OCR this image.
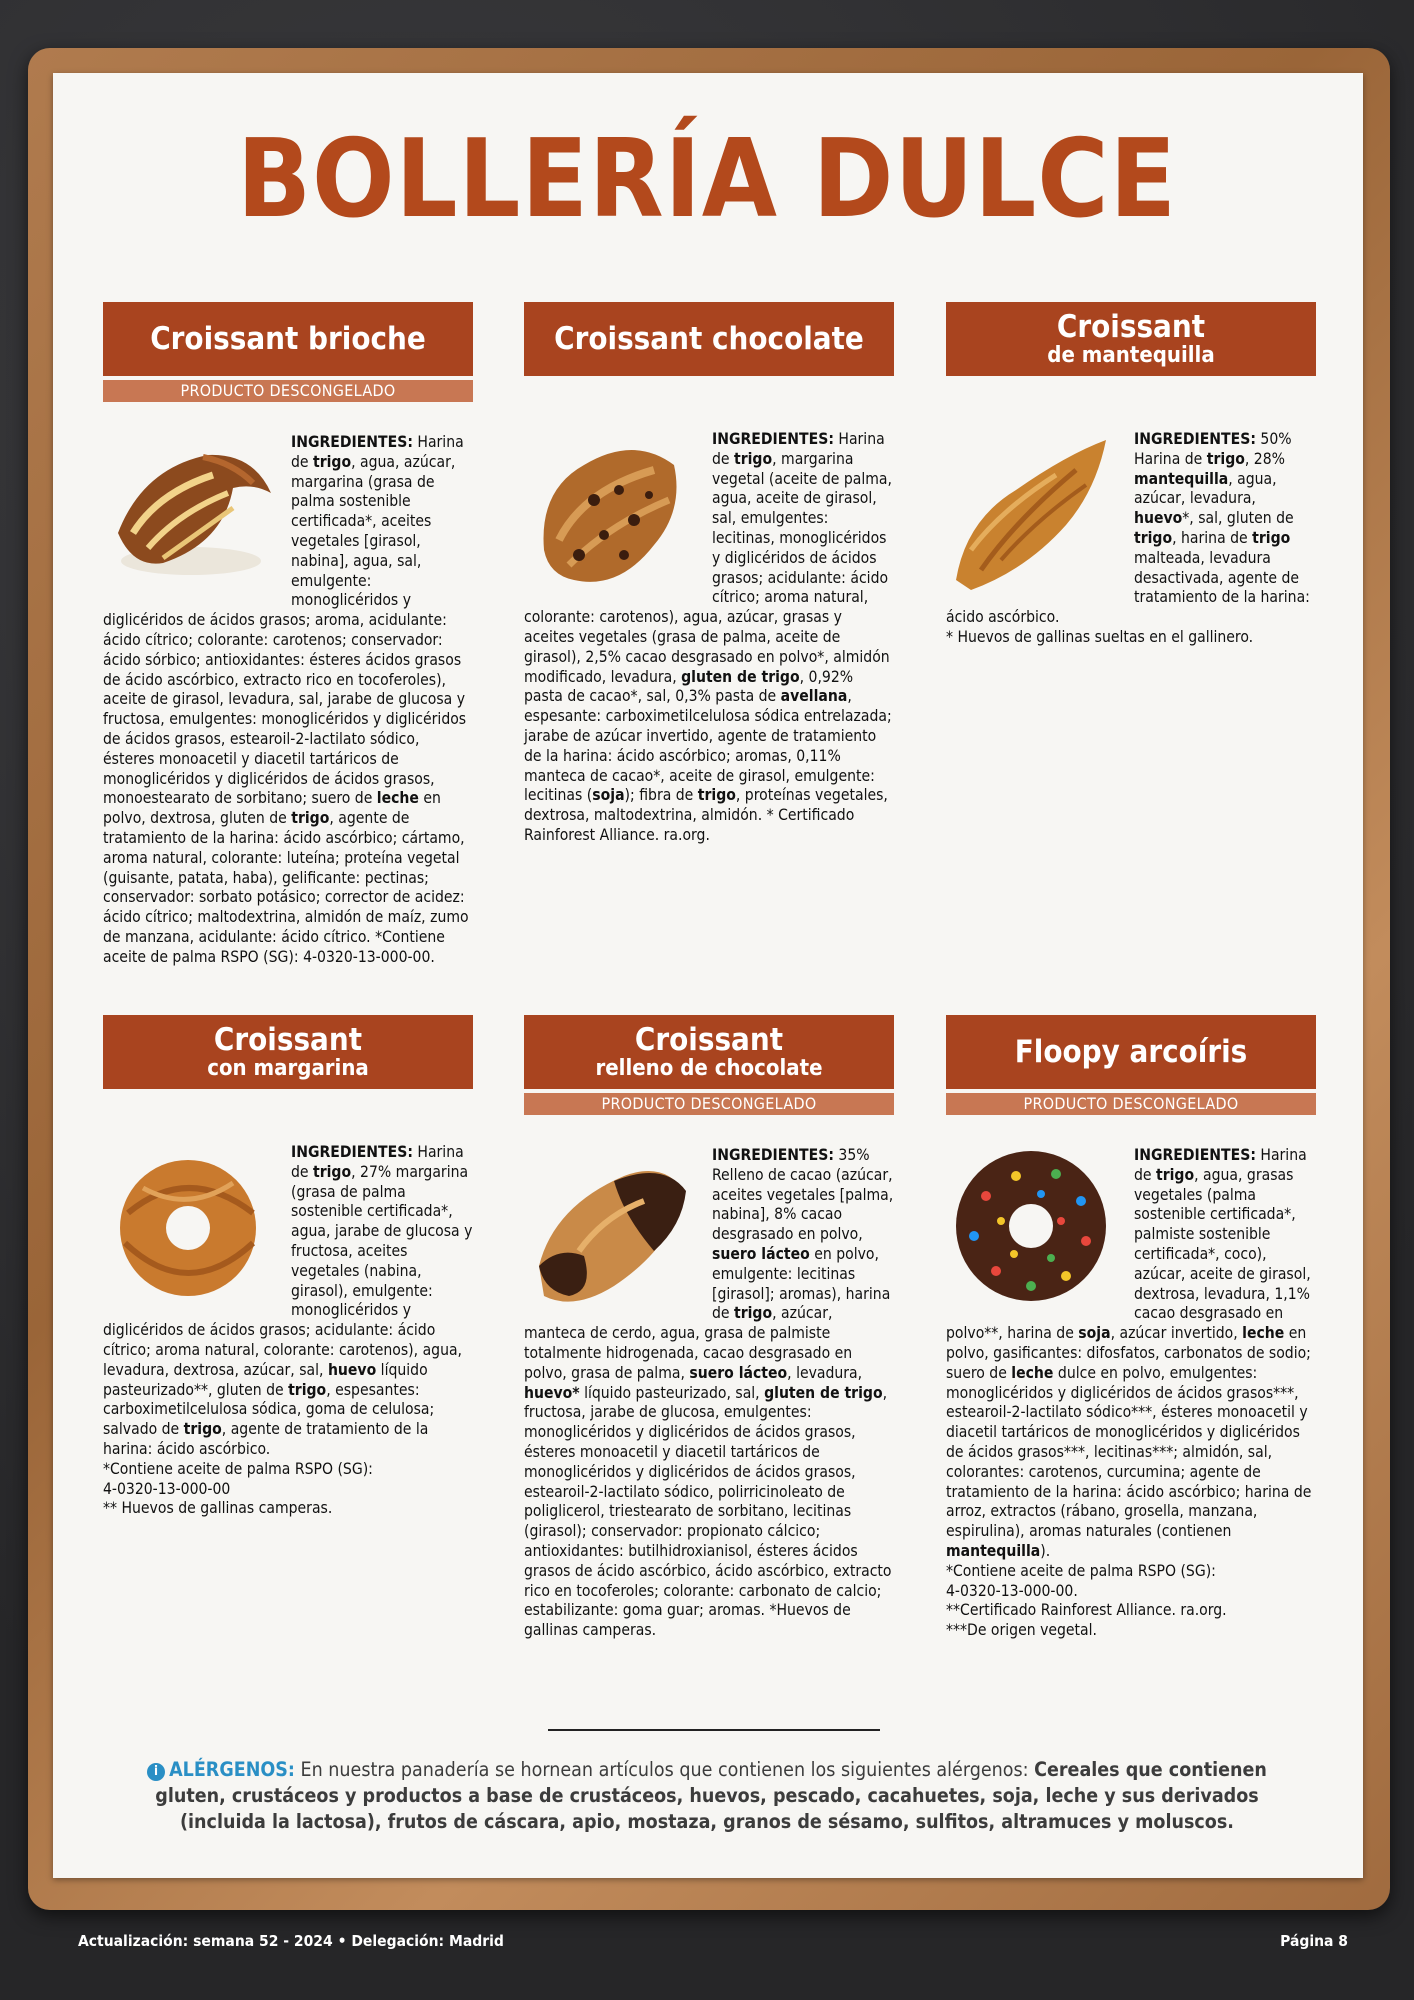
BOLLERÍA DULCE
Croissant brioche
PRODUCTO DESCONGELADO
INGREDIENTES: Harina de trigo, agua, azúcar, margarina (grasa de palma sostenible certificada*, aceites vegetales [girasol, nabina], agua, sal, emulgente: monoglicéridos y diglicéridos de ácidos grasos; aroma, acidulante: ácido cítrico; colorante: carotenos; conservador: ácido sórbico; antioxidantes: ésteres ácidos grasos de ácido ascórbico, extracto rico en tocoferoles), aceite de girasol, levadura, sal, jarabe de glucosa y fructosa, emulgentes: monoglicéridos y diglicéridos de ácidos grasos, estearoil-2-lactilato sódico, ésteres monoacetil y diacetil tartáricos de monoglicéridos y diglicéridos de ácidos grasos, monoestearato de sorbitano; suero de leche en polvo, dextrosa, gluten de trigo, agente de tratamiento de la harina: ácido ascórbico; cártamo, aroma natural, colorante: luteína; proteína vegetal (guisante, patata, haba), gelificante: pectinas; conservador: sorbato potásico; corrector de acidez: ácido cítrico; maltodextrina, almidón de maíz, zumo de manzana, acidulante: ácido cítrico. *Contiene aceite de palma RSPO (SG): 4-0320-13-000-00.
Croissant chocolate
INGREDIENTES: Harina de trigo, margarina vegetal (aceite de palma, agua, aceite de girasol, sal, emulgentes: lecitinas, monoglicéridos y diglicéridos de ácidos grasos; acidulante: ácido cítrico; aroma natural, colorante: carotenos), agua, azúcar, grasas y aceites vegetales (grasa de palma, aceite de girasol), 2,5% cacao desgrasado en polvo*, almidón modificado, levadura, gluten de trigo, 0,92% pasta de cacao*, sal, 0,3% pasta de avellana, espesante: carboximetilcelulosa sódica entrelazada; jarabe de azúcar invertido, agente de tratamiento de la harina: ácido ascórbico; aromas, 0,11% manteca de cacao*, aceite de girasol, emulgente: lecitinas (soja); fibra de trigo, proteínas vegetales, dextrosa, maltodextrina, almidón. * Certificado Rainforest Alliance. ra.org.
Croissant
de mantequilla
INGREDIENTES: 50% Harina de trigo, 28% mantequilla, agua, azúcar, levadura, huevo*, sal, gluten de trigo, harina de trigo malteada, levadura desactivada, agente de tratamiento de la harina: ácido ascórbico.
* Huevos de gallinas sueltas en el gallinero.
Croissant
con margarina
INGREDIENTES: Harina de trigo, 27% margarina (grasa de palma sostenible certificada*, agua, jarabe de glucosa y fructosa, aceites vegetales (nabina, girasol), emulgente: monoglicéridos y diglicéridos de ácidos grasos; acidulante: ácido cítrico; aroma natural, colorante: carotenos), agua, levadura, dextrosa, azúcar, sal, huevo líquido pasteurizado**, gluten de trigo, espesantes: carboximetilcelulosa sódica, goma de celulosa; salvado de trigo, agente de tratamiento de la harina: ácido ascórbico.
*Contiene aceite de palma RSPO (SG):
4-0320-13-000-00
** Huevos de gallinas camperas.
Croissant
relleno de chocolate
PRODUCTO DESCONGELADO
INGREDIENTES: 35% Relleno de cacao (azúcar, aceites vegetales [palma, nabina], 8% cacao desgrasado en polvo, suero lácteo en polvo, emulgente: lecitinas [girasol]; aromas), harina de trigo, azúcar, manteca de cerdo, agua, grasa de palmiste totalmente hidrogenada, cacao desgrasado en polvo, grasa de palma, suero lácteo, levadura, huevo* líquido pasteurizado, sal, gluten de trigo, fructosa, jarabe de glucosa, emulgentes: monoglicéridos y diglicéridos de ácidos grasos, ésteres monoacetil y diacetil tartáricos de monoglicéridos y diglicéridos de ácidos grasos, estearoil-2-lactilato sódico, polirricinoleato de poliglicerol, triestearato de sorbitano, lecitinas (girasol); conservador: propionato cálcico; antioxidantes: butilhidroxianisol, ésteres ácidos grasos de ácido ascórbico, ácido ascórbico, extracto rico en tocoferoles; colorante: carbonato de calcio; estabilizante: goma guar; aromas. *Huevos de gallinas camperas.
Floopy arcoíris
PRODUCTO DESCONGELADO
INGREDIENTES: Harina de trigo, agua, grasas vegetales (palma sostenible certificada*, palmiste sostenible certificada*, coco), azúcar, aceite de girasol, dextrosa, levadura, 1,1% cacao desgrasado en polvo**, harina de soja, azúcar invertido, leche en polvo, gasificantes: difosfatos, carbonatos de sodio; suero de leche dulce en polvo, emulgentes: monoglicéridos y diglicéridos de ácidos grasos***, estearoil-2-lactilato sódico***, ésteres monoacetil y diacetil tartáricos de monoglicéridos y diglicéridos de ácidos grasos***, lecitinas***; almidón, sal, colorantes: carotenos, curcumina; agente de tratamiento de la harina: ácido ascórbico; harina de arroz, extractos (rábano, grosella, manzana, espirulina), aromas naturales (contienen mantequilla).
*Contiene aceite de palma RSPO (SG):
4-0320-13-000-00.
**Certificado Rainforest Alliance. ra.org.
***De origen vegetal.
i ALÉRGENOS: En nuestra panadería se hornean artículos que contienen los siguientes alérgenos: Cereales que contienen gluten, crustáceos y productos a base de crustáceos, huevos, pescado, cacahuetes, soja, leche y sus derivados (incluida la lactosa), frutos de cáscara, apio, mostaza, granos de sésamo, sulfitos, altramuces y moluscos.
Actualización: semana 52 - 2024 • Delegación: Madrid	Página 8
